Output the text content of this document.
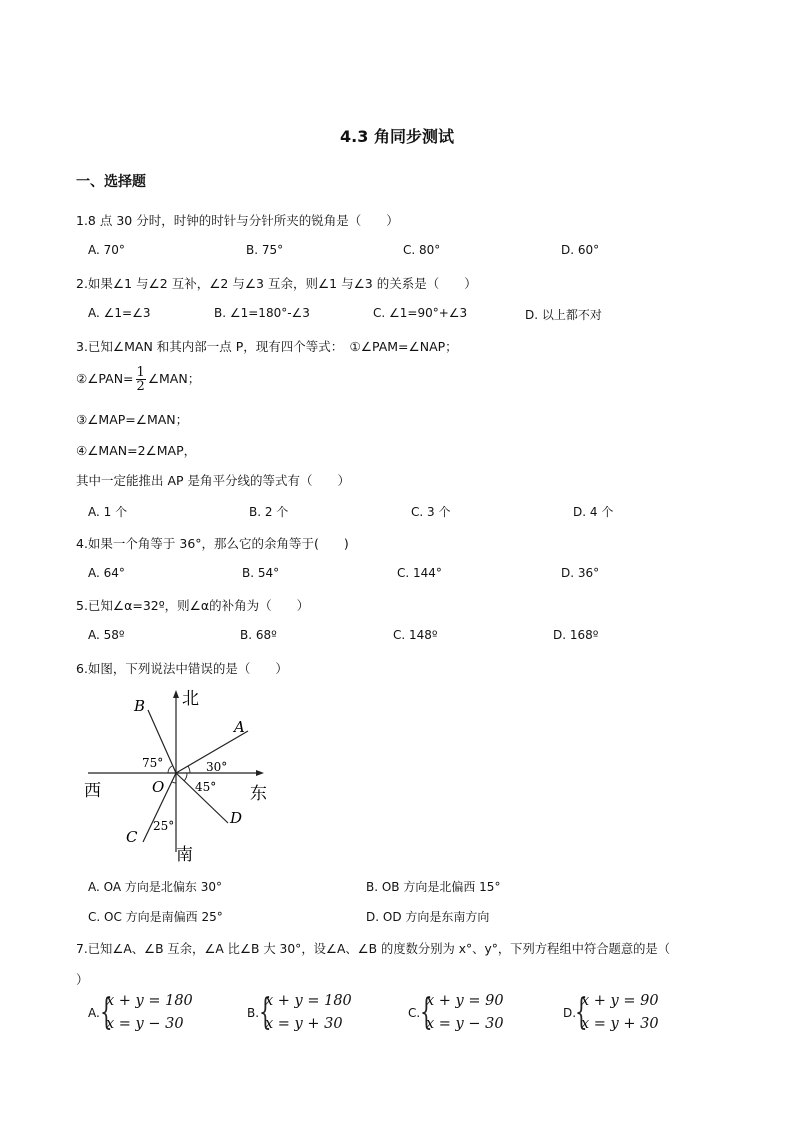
4.3 角同步测试
一、选择题
1.8 点 30 分时，时钟的时针与分针所夹的锐角是（　　）
A. 70°	B. 75°	C. 80°	D. 60°
2.如果∠1 与∠2 互补，∠2 与∠3 互余，则∠1 与∠3 的关系是（　　）
A. ∠1=∠3	B. ∠1=180°-∠3	C. ∠1=90°+∠3	D. 以上都不对
3.已知∠MAN 和其内部一点 P，现有四个等式：　①∠PAM=∠NAP；
②∠PAN= $\frac{1}{2}$ ∠MAN；
③∠MAP=∠MAN；
④∠MAN=2∠MAP，
其中一定能推出 AP 是角平分线的等式有（　　）
A. 1 个	B. 2 个	C. 3 个	D. 4 个
4.如果一个角等于 36°，那么它的余角等于(　　)
A. 64°	B. 54°	C. 144°	D. 36°
5.已知∠α=32º，则∠α的补角为（　　）
A. 58º	B. 68º	C. 148º	D. 168º
6.如图，下列说法中错误的是（　　）
北
南
西	东
A
B
C
D
O
30°
45°
75°
25°
A. OA 方向是北偏东 30°	B. OB 方向是北偏西 15°
C. OC 方向是南偏西 25°	D. OD 方向是东南方向
7.已知∠A、∠B 互余，∠A 比∠B 大 30°，设∠A、∠B 的度数分别为 x°、y°，下列方程组中符合题意的是（
）
A. {
x + y = 180
x = y − 30
B. {
x + y = 180
x = y + 30
C. {
x + y = 90
x = y − 30
D.
{
x + y = 90
x = y + 30
